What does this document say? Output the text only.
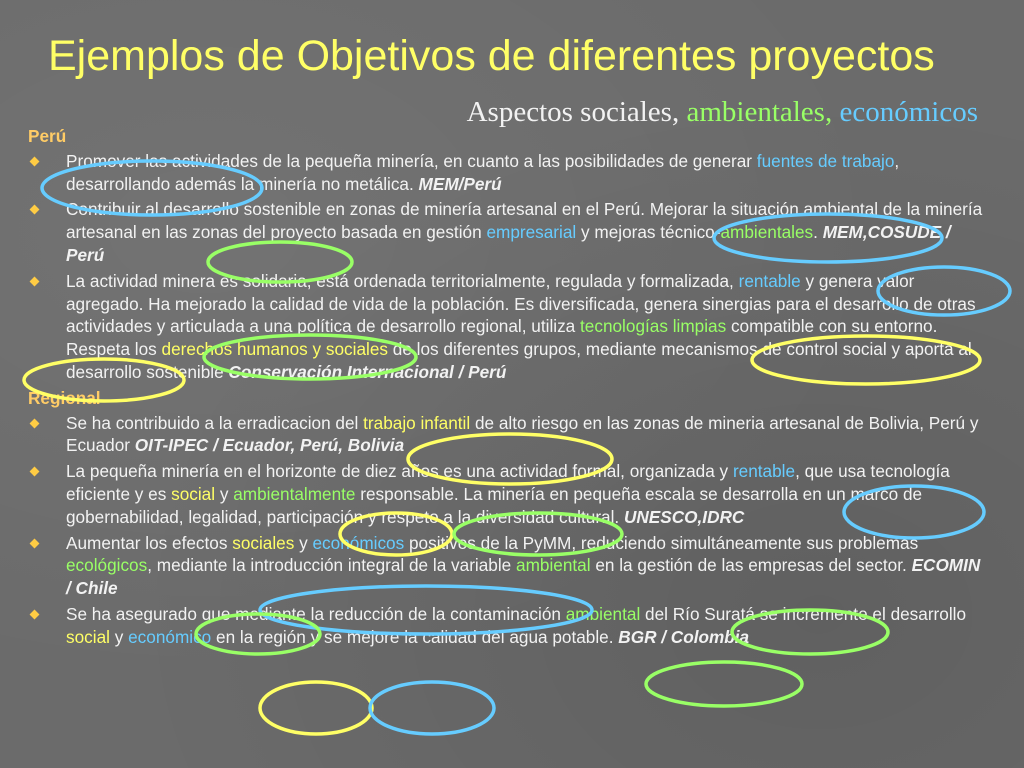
Ejemplos de Objetivos de diferentes proyectos
Aspectos sociales, ambientales, económicos
Perú
Promover las actividades de la pequeña minería, en cuanto a las posibilidades de generar fuentes de trabajo, desarrollando además la minería no metálica. MEM/Perú
Contribuir al desarrollo sostenible en zonas de minería artesanal en el Perú. Mejorar la situación ambiental de la minería artesanal en las zonas del proyecto basada en gestión empresarial y mejoras técnico-ambientales. MEM,COSUDE / Perú
La actividad minera es solidaria, está ordenada territorialmente, regulada y formalizada, rentable y genera valor agregado. Ha mejorado la calidad de vida de la población. Es diversificada, genera sinergias para el desarrollo de otras actividades y articulada a una política de desarrollo regional, utiliza tecnologías limpias compatible con su entorno. Respeta los derechos humanos y sociales de los diferentes grupos, mediante mecanismos de control social y aporta al desarrollo sostenible Conservación Internacional / Perú
Regional
Se ha contribuido a la erradicacion del trabajo infantil de alto riesgo en las zonas de mineria artesanal de Bolivia, Perú y Ecuador OIT-IPEC / Ecuador, Perú, Bolivia
La pequeña minería en el horizonte de diez años es una actividad formal, organizada y rentable, que usa tecnología eficiente y es social y ambientalmente responsable. La minería en pequeña escala se desarrolla en un marco de gobernabilidad, legalidad, participación y respeto a la diversidad cultural. UNESCO,IDRC
Aumentar los efectos sociales y económicos positivos de la PyMM, reduciendo simultáneamente sus problemas ecológicos, mediante la introducción integral de la variable ambiental en la gestión de las empresas del sector. ECOMIN / Chile
Se ha asegurado que mediante la reducción de la contaminación ambiental del Río Suratá se incremente el desarrollo social y económico en la región y se mejore la calidad del agua potable. BGR / Colombia
